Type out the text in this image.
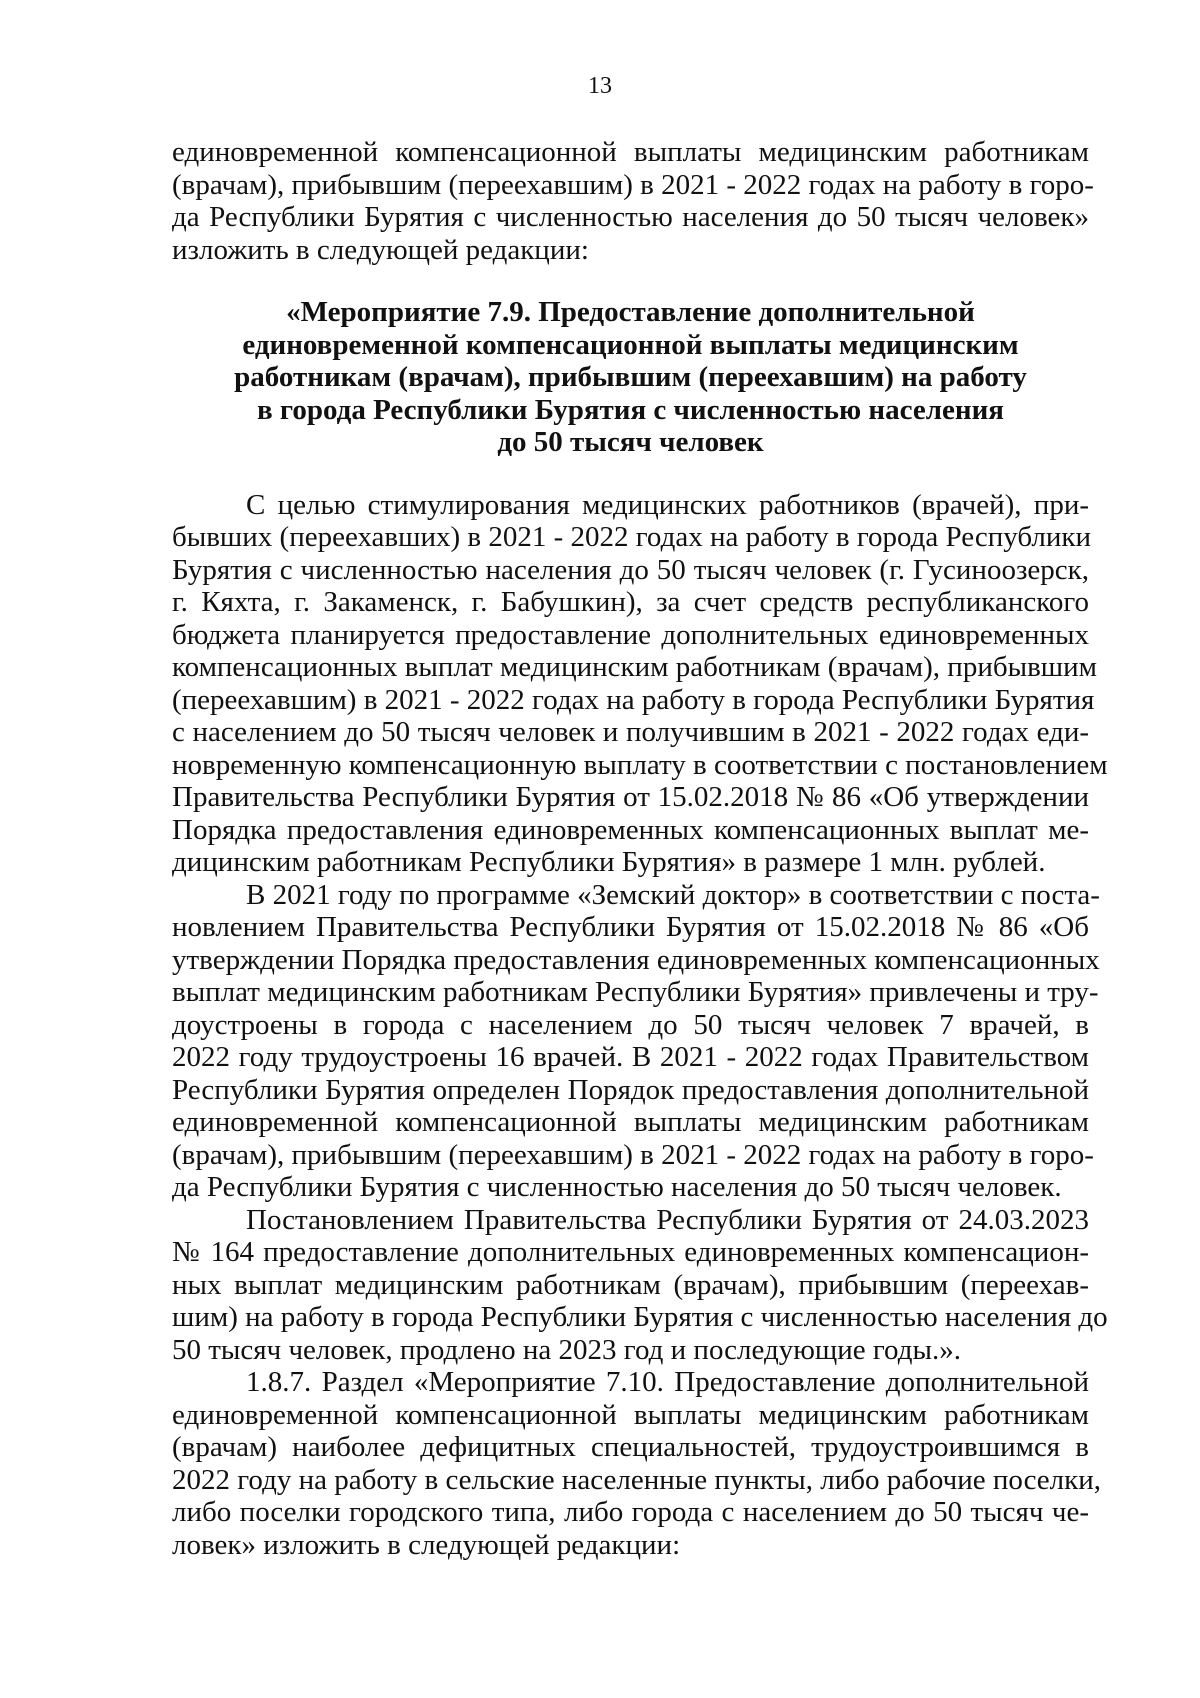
13
единовременной компенсационной выплаты медицинским работникам
(врачам), прибывшим (переехавшим) в 2021 - 2022 годах на работу в горо-
да Республики Бурятия с численностью населения до 50 тысяч человек»
изложить в следующей редакции:
«Мероприятие 7.9. Предоставление дополнительной
единовременной компенсационной выплаты медицинским
работникам (врачам), прибывшим (переехавшим) на работу
в города Республики Бурятия с численностью населения
до 50 тысяч человек
С целью стимулирования медицинских работников (врачей), при-
бывших (переехавших) в 2021 - 2022 годах на работу в города Республики
Бурятия с численностью населения до 50 тысяч человек (г. Гусиноозерск,
г. Кяхта, г. Закаменск, г. Бабушкин), за счет средств республиканского
бюджета планируется предоставление дополнительных единовременных
компенсационных выплат медицинским работникам (врачам), прибывшим
(переехавшим) в 2021 - 2022 годах на работу в города Республики Бурятия
с населением до 50 тысяч человек и получившим в 2021 - 2022 годах еди-
новременную компенсационную выплату в соответствии с постановлением
Правительства Республики Бурятия от 15.02.2018 № 86 «Об утверждении
Порядка предоставления единовременных компенсационных выплат ме-
дицинским работникам Республики Бурятия» в размере 1 млн. рублей.
В 2021 году по программе «Земский доктор» в соответствии с поста-
новлением Правительства Республики Бурятия от 15.02.2018 № 86 «Об
утверждении Порядка предоставления единовременных компенсационных
выплат медицинским работникам Республики Бурятия» привлечены и тру-
доустроены в города с населением до 50 тысяч человек 7 врачей, в
2022 году трудоустроены 16 врачей. В 2021 - 2022 годах Правительством
Республики Бурятия определен Порядок предоставления дополнительной
единовременной компенсационной выплаты медицинским работникам
(врачам), прибывшим (переехавшим) в 2021 - 2022 годах на работу в горо-
да Республики Бурятия с численностью населения до 50 тысяч человек.
Постановлением Правительства Республики Бурятия от 24.03.2023
№ 164 предоставление дополнительных единовременных компенсацион-
ных выплат медицинским работникам (врачам), прибывшим (переехав-
шим) на работу в города Республики Бурятия с численностью населения до
50 тысяч человек, продлено на 2023 год и последующие годы.».
1.8.7. Раздел «Мероприятие 7.10. Предоставление дополнительной
единовременной компенсационной выплаты медицинским работникам
(врачам) наиболее дефицитных специальностей, трудоустроившимся в
2022 году на работу в сельские населенные пункты, либо рабочие поселки,
либо поселки городского типа, либо города с населением до 50 тысяч че-
ловек» изложить в следующей редакции:
